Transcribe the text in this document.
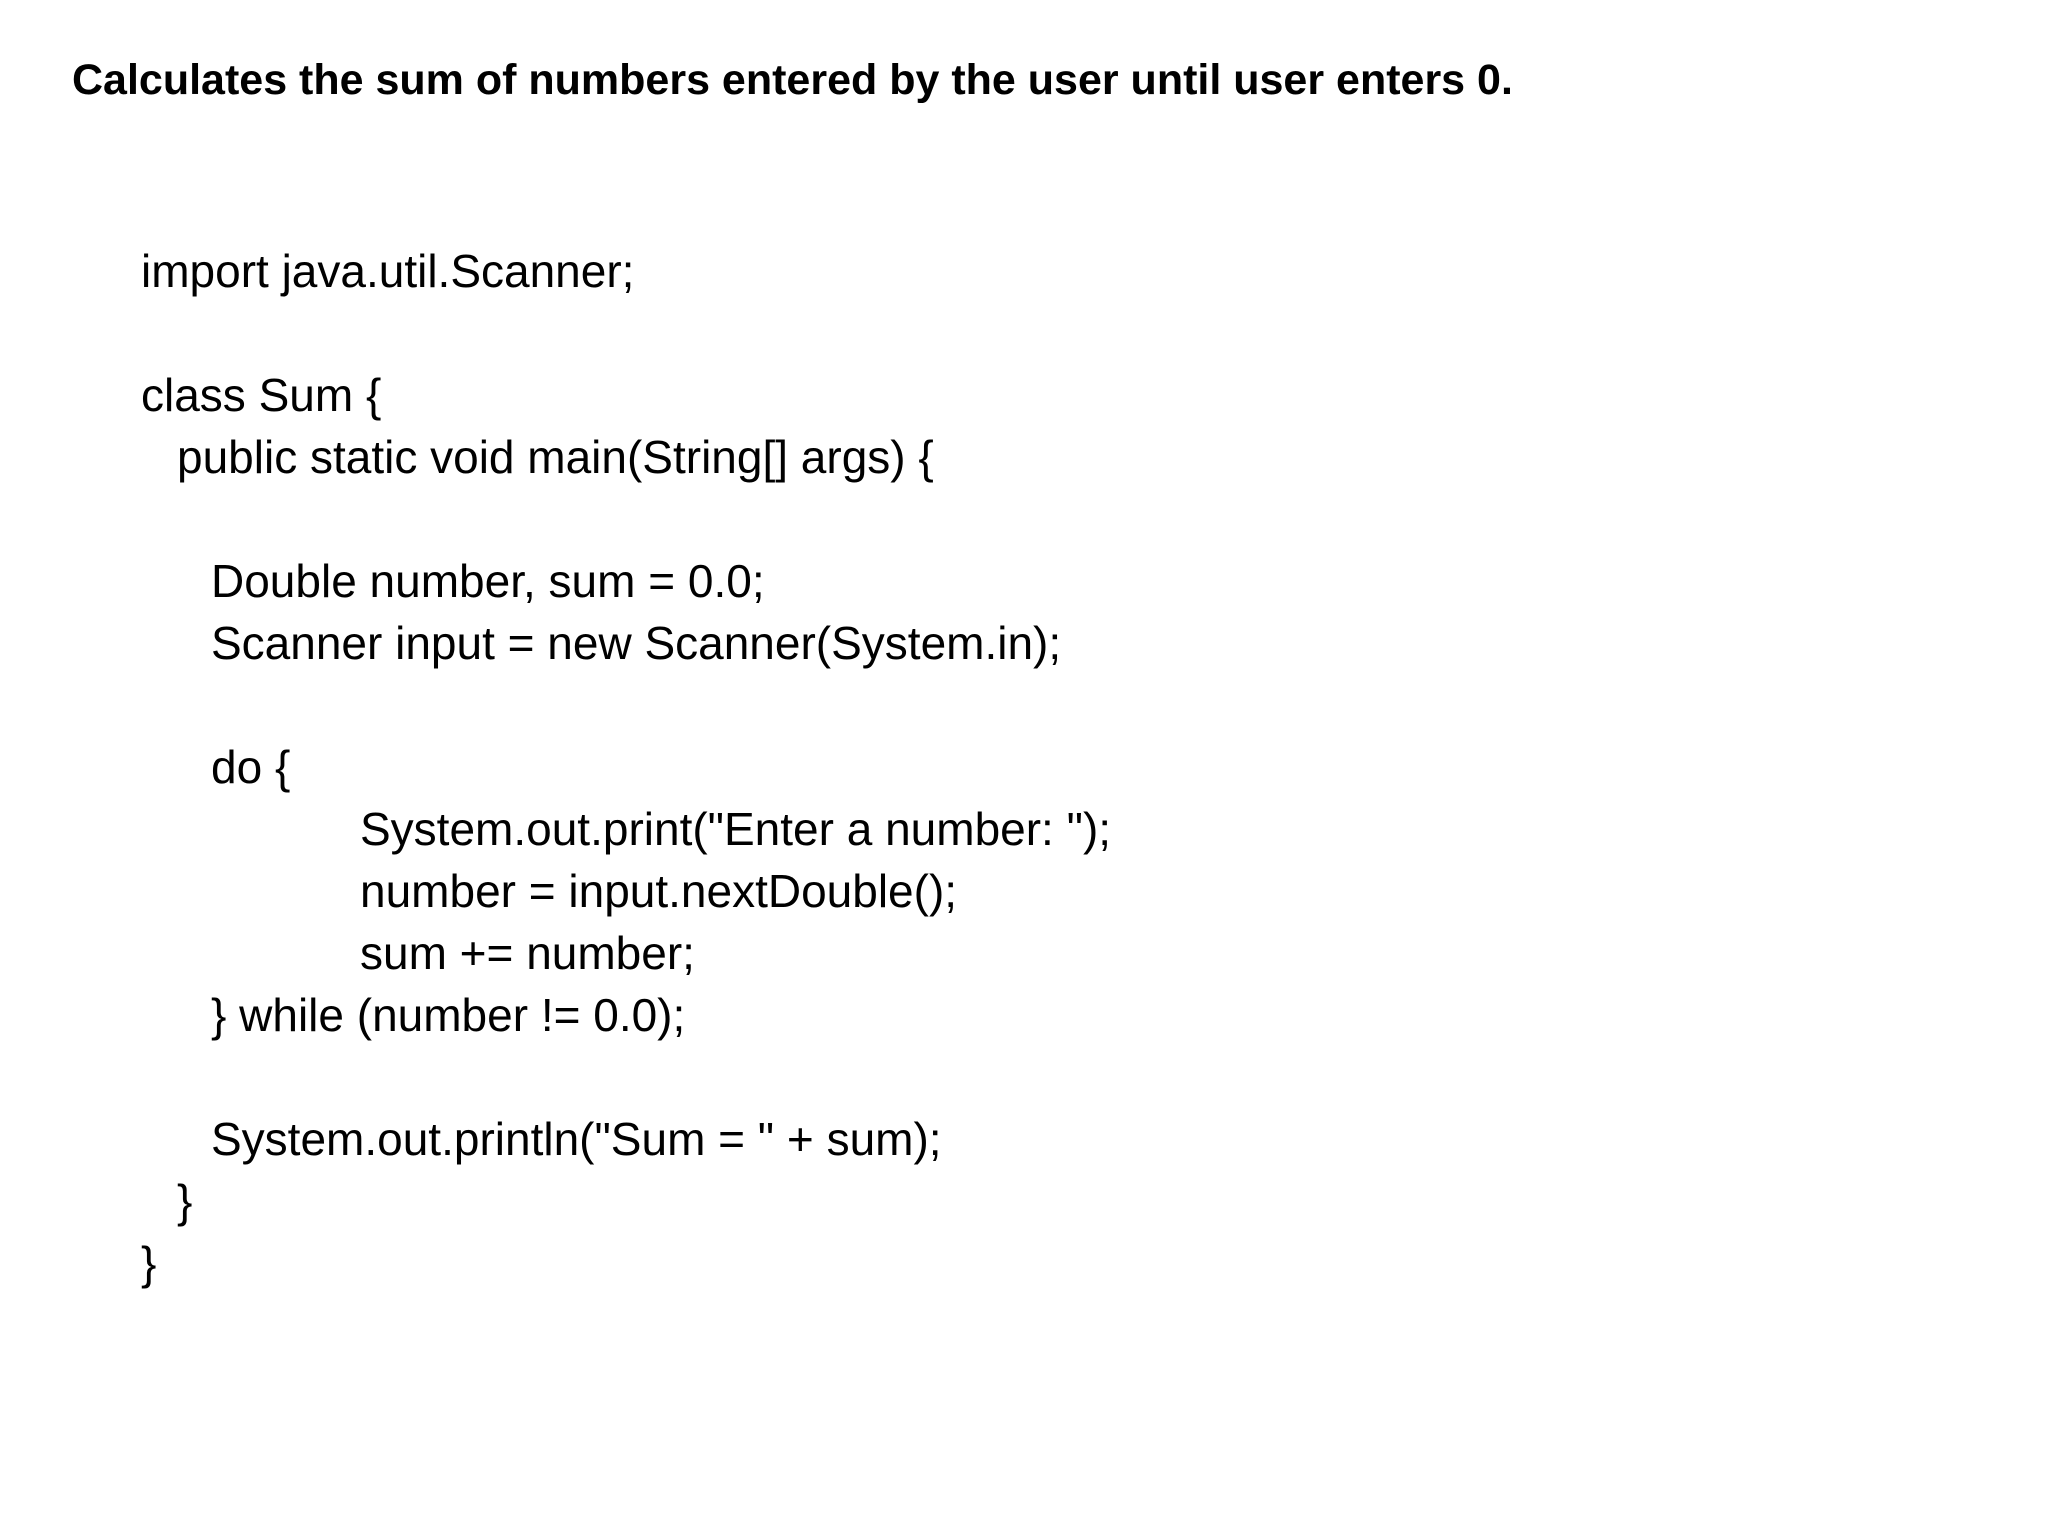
Calculates the sum of numbers entered by the user until user enters 0.
import java.util.Scanner;
class Sum {
public static void main(String[] args) {
Double number, sum = 0.0;
Scanner input = new Scanner(System.in);
do {
System.out.print("Enter a number: ");
number = input.nextDouble();
sum += number;
} while (number != 0.0);
System.out.println("Sum = " + sum);
}
}
